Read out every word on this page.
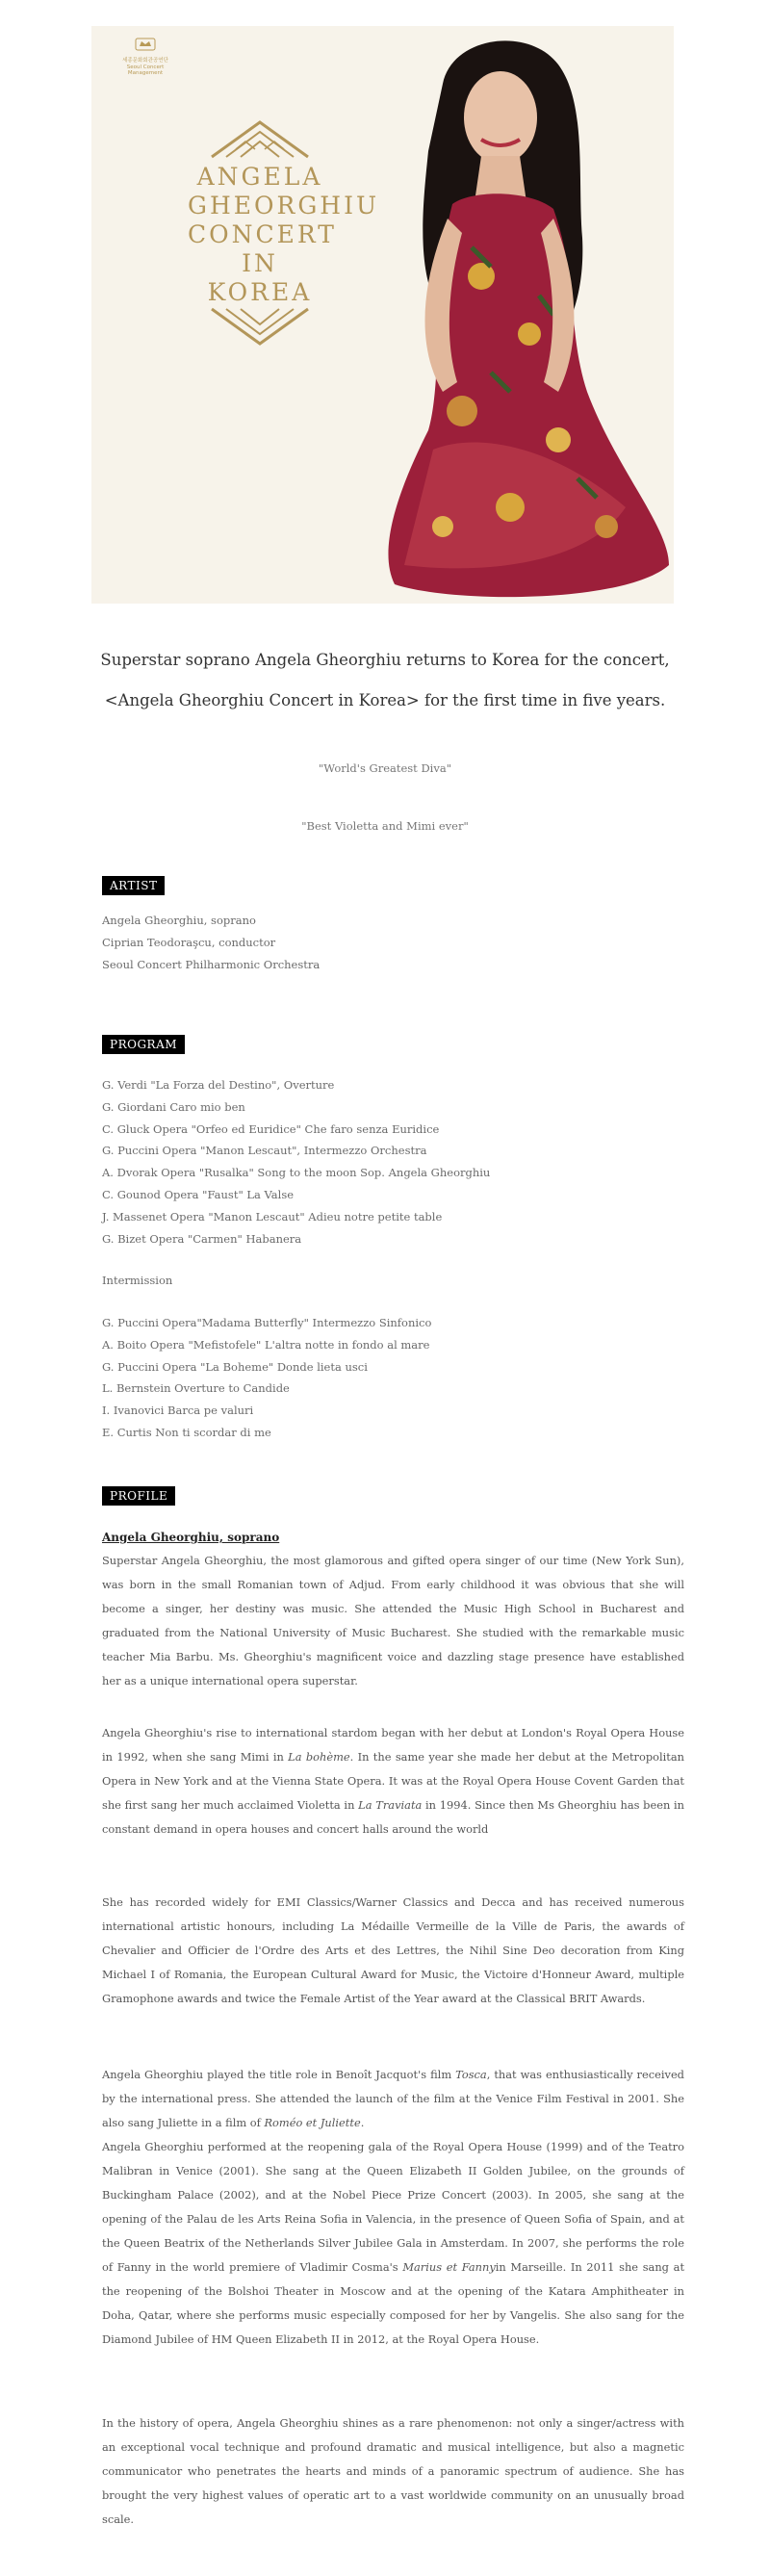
세종문화회관공연단
Seoul Concert Management
ANGELA
GHEORGHIU
CONCERT
IN KOREA
Superstar soprano Angela Gheorghiu returns to Korea for the concert,
<Angela Gheorghiu Concert in Korea> for the first time in five years.
"World's Greatest Diva"
"Best Violetta and Mimi ever"
ARTIST
Angela Gheorghiu, soprano
Ciprian Teodoraşcu, conductor
Seoul Concert Philharmonic Orchestra
PROGRAM
G. Verdi "La Forza del Destino", Overture
G. Giordani Caro mio ben
C. Gluck Opera "Orfeo ed Euridice" Che faro senza Euridice
G. Puccini Opera "Manon Lescaut", Intermezzo Orchestra
A. Dvorak Opera "Rusalka" Song to the moon Sop. Angela Gheorghiu
C. Gounod Opera "Faust" La Valse
J. Massenet Opera "Manon Lescaut" Adieu notre petite table
G. Bizet Opera "Carmen" Habanera
Intermission
G. Puccini Opera"Madama Butterfly" Intermezzo Sinfonico
A. Boito Opera "Mefistofele" L'altra notte in fondo al mare
G. Puccini Opera "La Boheme" Donde lieta usci
L. Bernstein Overture to Candide
I. Ivanovici Barca pe valuri
E. Curtis Non ti scordar di me
PROFILE
Angela Gheorghiu, soprano
Superstar Angela Gheorghiu, the most glamorous and gifted opera singer of our time (New York Sun), was born in the small Romanian town of Adjud. From early childhood it was obvious that she will become a singer, her destiny was music. She attended the Music High School in Bucharest and graduated from the National University of Music Bucharest. She studied with the remarkable music teacher Mia Barbu. Ms. Gheorghiu's magnificent voice and dazzling stage presence have established her as a unique international opera superstar.
Angela Gheorghiu's rise to international stardom began with her debut at London's Royal Opera House in 1992, when she sang Mimi in La bohème. In the same year she made her debut at the Metropolitan Opera in New York and at the Vienna State Opera. It was at the Royal Opera House Covent Garden that she first sang her much acclaimed Violetta in La Traviata in 1994. Since then Ms Gheorghiu has been in constant demand in opera houses and concert halls around the world
She has recorded widely for EMI Classics/Warner Classics and Decca and has received numerous international artistic honours, including La Médaille Vermeille de la Ville de Paris, the awards of Chevalier and Officier de l'Ordre des Arts et des Lettres, the Nihil Sine Deo decoration from King Michael I of Romania, the European Cultural Award for Music, the Victoire d'Honneur Award, multiple Gramophone awards and twice the Female Artist of the Year award at the Classical BRIT Awards.
Angela Gheorghiu played the title role in Benoît Jacquot's film Tosca, that was enthusiastically received by the international press. She attended the launch of the film at the Venice Film Festival in 2001. She also sang Juliette in a film of Roméo et Juliette.
Angela Gheorghiu performed at the reopening gala of the Royal Opera House (1999) and of the Teatro Malibran in Venice (2001). She sang at the Queen Elizabeth II Golden Jubilee, on the grounds of Buckingham Palace (2002), and at the Nobel Piece Prize Concert (2003). In 2005, she sang at the opening of the Palau de les Arts Reina Sofia in Valencia, in the presence of Queen Sofia of Spain, and at the Queen Beatrix of the Netherlands Silver Jubilee Gala in Amsterdam. In 2007, she performs the role of Fanny in the world premiere of Vladimir Cosma's Marius et Fannyin Marseille. In 2011 she sang at the reopening of the Bolshoi Theater in Moscow and at the opening of the Katara Amphitheater in Doha, Qatar, where she performs music especially composed for her by Vangelis. She also sang for the Diamond Jubilee of HM Queen Elizabeth II in 2012, at the Royal Opera House.
In the history of opera, Angela Gheorghiu shines as a rare phenomenon: not only a singer/actress with an exceptional vocal technique and profound dramatic and musical intelligence, but also a magnetic communicator who penetrates the hearts and minds of a panoramic spectrum of audience. She has brought the very highest values of operatic art to a vast worldwide community on an unusually broad scale.
